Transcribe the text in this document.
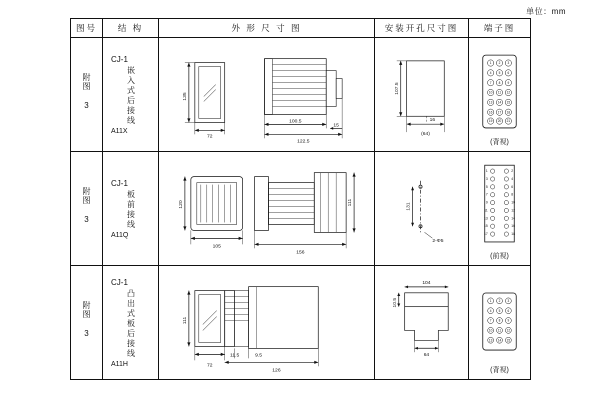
单位：mm
图号	结 构	外 形 尺 寸 图	安装开孔尺寸图	端子图
附图 3	
CJ-1
嵌入式后接线
A11X

135
72
100.5
122.5
15

107.5
16
(64)

1 2 3
4 5 6
7 8 9
10 11 12
13 14 15
16 17 18
19 20 21
(背视)

附图 3	
CJ-1
板前接线
A11Q

120
105
156
111	131
2-Φ5

1	2
3	4
5	6
7	8
9	10
11	12
13	14
15	16
17	18
(前视)

附图 3	
CJ-1
凸出式板后接线
A11H

111
72
11.5	9.5
126

10.5
104
64

1 2 3
4 5 6
7 8 9
10 11 12
13 14 15
(背视)
